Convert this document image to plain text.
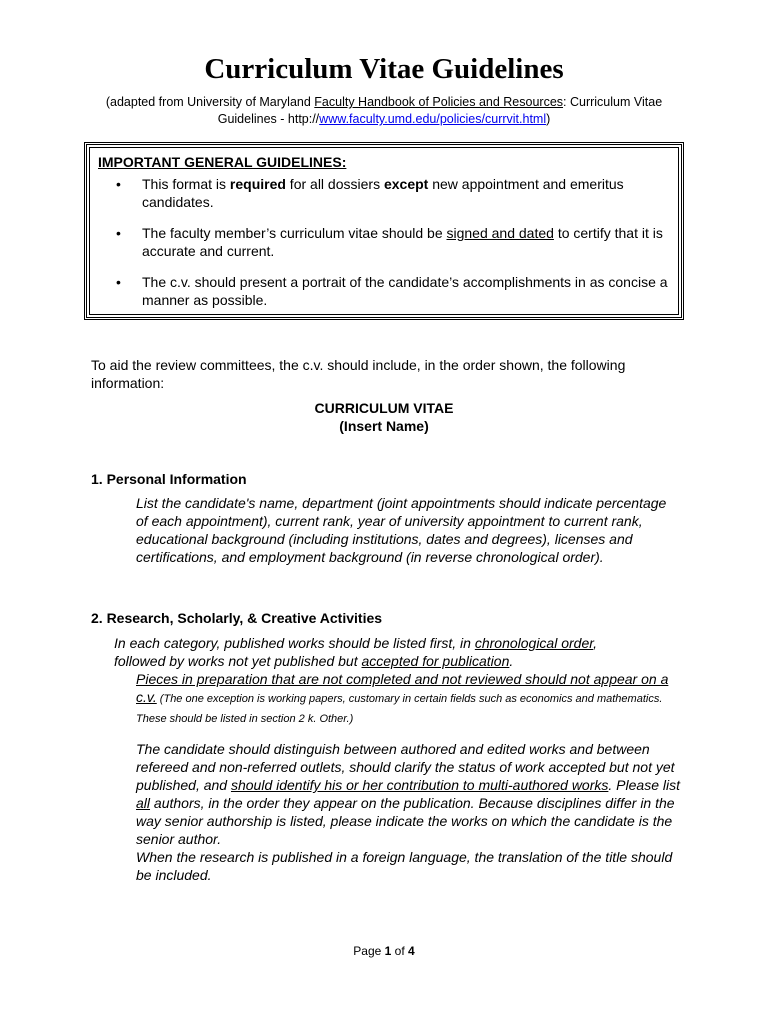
Curriculum Vitae Guidelines
(adapted from University of Maryland Faculty Handbook of Policies and Resources: Curriculum Vitae Guidelines - http://www.faculty.umd.edu/policies/currvit.html)

IMPORTANT GENERAL GUIDELINES:

• This format is required for all dossiers except new appointment and emeritus candidates.
• The faculty member’s curriculum vitae should be signed and dated to certify that it is accurate and current.
• The c.v. should present a portrait of the candidate’s accomplishments in as concise a manner as possible.
To aid the review committees, the c.v. should include, in the order shown, the following information:
CURRICULUM VITAE
(Insert Name)
1. Personal Information
List the candidate's name, department (joint appointments should indicate percentage of each appointment), current rank, year of university appointment to current rank, educational background (including institutions, dates and degrees), licenses and certifications, and employment background (in reverse chronological order).
2. Research, Scholarly, & Creative Activities
In each category, published works should be listed first, in chronological order,
followed by works not yet published but accepted for publication.
Pieces in preparation that are not completed and not reviewed should not appear on a c.v. (The one exception is working papers, customary in certain fields such as economics and mathematics. These should be listed in section 2 k. Other.)
The candidate should distinguish between authored and edited works and between refereed and non-referred outlets, should clarify the status of work accepted but not yet published, and should identify his or her contribution to multi-authored works. Please list all authors, in the order they appear on the publication. Because disciplines differ in the way senior authorship is listed, please indicate the works on which the candidate is the senior author.
When the research is published in a foreign language, the translation of the title should be included.
Page 1 of 4
